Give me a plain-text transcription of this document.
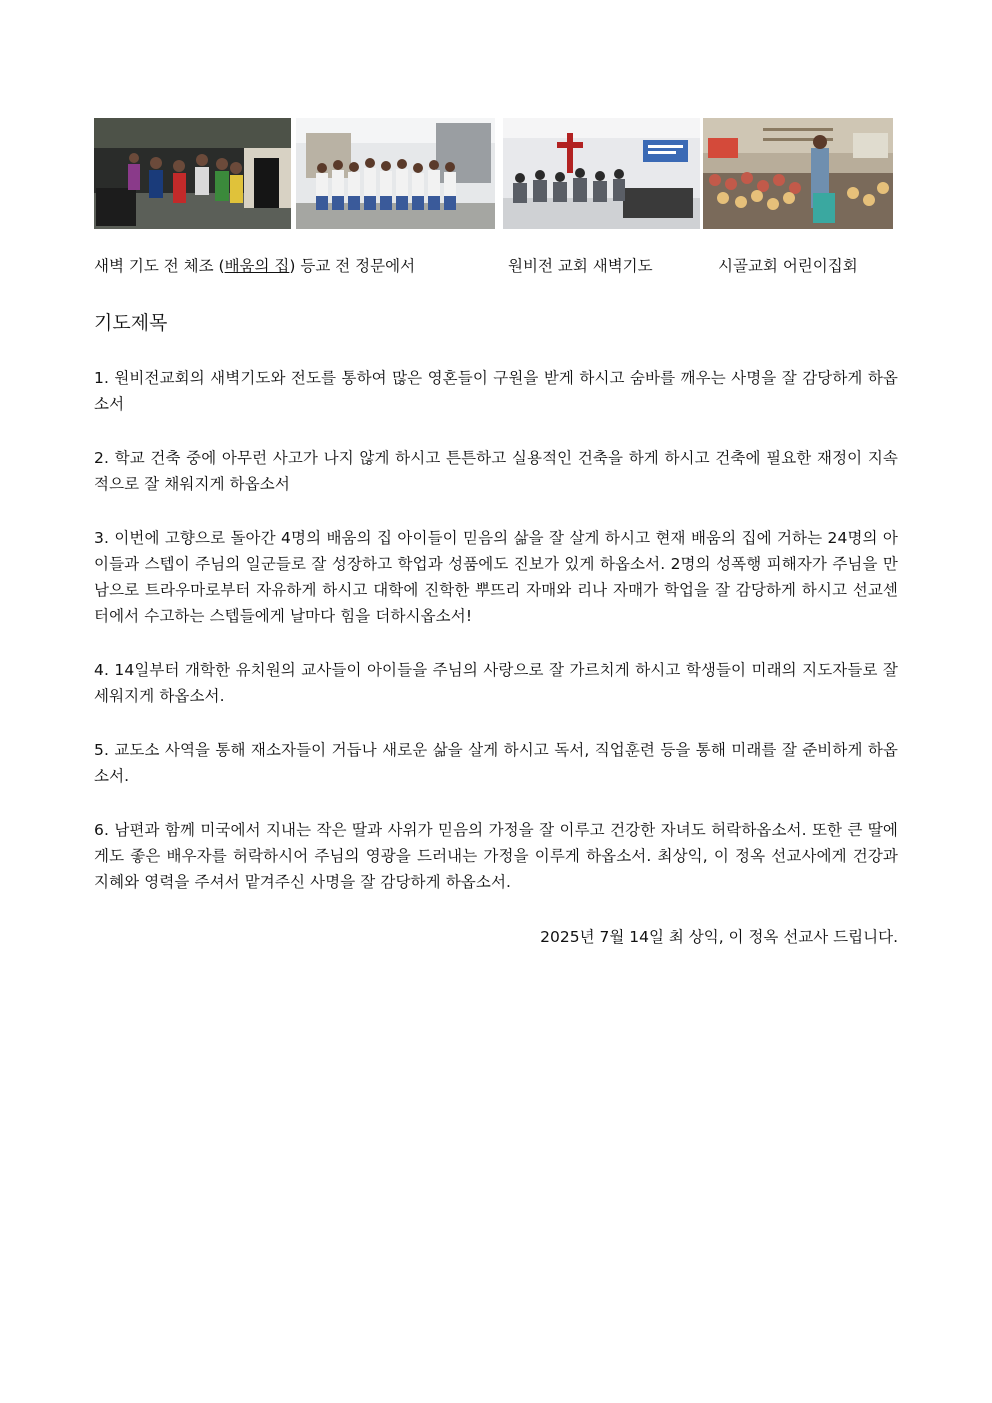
새벽 기도 전 체조 (배움의 집) 등교 전 정문에서	원비전 교회 새벽기도	시골교회 어린이집회
기도제목

1. 원비전교회의 새벽기도와 전도를 통하여 많은 영혼들이 구원을 받게 하시고 숨바를 깨우는 사명을 잘 감당하게 하옵소서

2. 학교 건축 중에 아무런 사고가 나지 않게 하시고 튼튼하고 실용적인 건축을 하게 하시고 건축에 필요한 재정이 지속적으로 잘 채워지게 하옵소서

3. 이번에 고향으로 돌아간 4명의 배움의 집 아이들이 믿음의 삶을 잘 살게 하시고 현재 배움의 집에 거하는 24명의 아이들과 스텝이 주님의 일군들로 잘 성장하고 학업과 성품에도 진보가 있게 하옵소서. 2명의 성폭행 피해자가 주님을 만남으로 트라우마로부터 자유하게 하시고 대학에 진학한 뿌뜨리 자매와 리나 자매가 학업을 잘 감당하게 하시고 선교센터에서 수고하는 스텝들에게 날마다 힘을 더하시옵소서!

4. 14일부터 개학한 유치원의 교사들이 아이들을 주님의 사랑으로 잘 가르치게 하시고 학생들이 미래의 지도자들로 잘 세워지게 하옵소서.

5. 교도소 사역을 통해 재소자들이 거듭나 새로운 삶을 살게 하시고 독서, 직업훈련 등을 통해 미래를 잘 준비하게 하옵소서.

6. 남편과 함께 미국에서 지내는 작은 딸과 사위가 믿음의 가정을 잘 이루고 건강한 자녀도 허락하옵소서. 또한 큰 딸에게도 좋은 배우자를 허락하시어 주님의 영광을 드러내는 가정을 이루게 하옵소서. 최상익, 이 정옥 선교사에게 건강과 지혜와 영력을 주셔서 맡겨주신 사명을 잘 감당하게 하옵소서.

2025년 7월 14일 최 상익, 이 정옥 선교사 드립니다.
